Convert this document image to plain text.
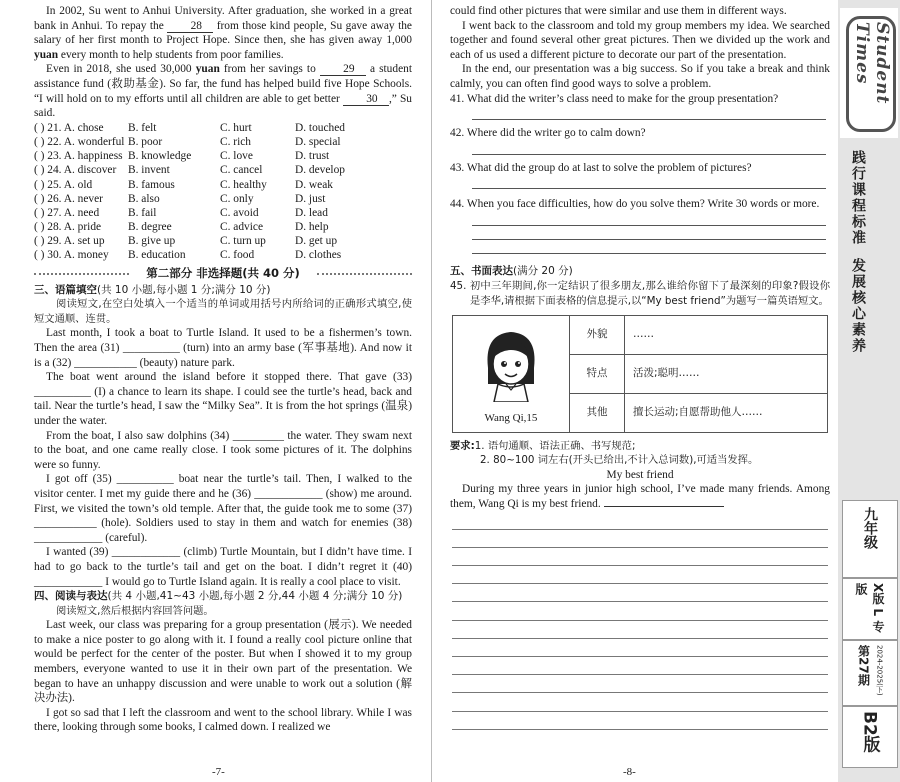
In 2002, Su went to Anhui University. After graduation, she worked in a great bank in Anhui. To repay the 28 from those kind people, Su gave away the salary of her first month to Project Hope. Since then, she has given away 1,000 yuan every month to help students from poor families.

Even in 2018, she used 30,000 yuan from her savings to 29 a student assistance fund (救助基金). So far, the fund has helped build five Hope Schools. “I will hold on to my efforts until all children are able to get better 30 ,” Su said.

( ) 21. A. chose	B. felt	C. hurt	D. touched
( ) 22. A. wonderful B. poor	C. rich	D. special
( ) 23. A. happiness B. knowledge	C. love	D. trust
( ) 24. A. discover	B. invent	C. cancel	D. develop
( ) 25. A. old	B. famous	C. healthy	D. weak
( ) 26. A. never	B. also	C. only	D. just
( ) 27. A. need	B. fail	C. avoid	D. lead
( ) 28. A. pride	B. degree	C. advice	D. help
( ) 29. A. set up	B. give up	C. turn up	D. get up
( ) 30. A. money	B. education	C. food	D. clothes
第二部分 非选择题(共 40 分)
三、语篇填空(共 10 小题,每小题 1 分;满分 10 分)

阅读短文,在空白处填入一个适当的单词或用括号内所给词的正确形式填空,使短文通顺、连贯。

Last month, I took a boat to Turtle Island. It used to be a fishermen’s town. Then the area (31) __________ (turn) into an army base (军事基地). And now it is a (32) ___________ (beauty) nature park.

The boat went around the island before it stopped there. That gave (33) __________ (I) a chance to learn its shape. I could see the turtle’s head, back and tail. Near the turtle’s head, I saw the “Milky Sea”. It is from the hot springs (温泉) under the water.

From the boat, I also saw dolphins (34) _________ the water. They swam next to the boat, and one came really close. I took some pictures of it. The dolphins were so funny.

I got off (35) __________ boat near the turtle’s tail. Then, I walked to the visitor center. I met my guide there and he (36) ____________ (show) me around. First, we visited the town’s old temple. After that, the guide took me to some (37) ___________ (hole). Soldiers used to stay in them and watch for enemies (38) ____________ (careful).

I wanted (39) ____________ (climb) Turtle Mountain, but I didn’t have time. I had to go back to the turtle’s tail and get on the boat. I didn’t regret it (40) ____________ I would go to Turtle Island again. It is really a cool place to visit.

四、阅读与表达(共 4 小题,41~43 小题,每小题 2 分,44 小题 4 分;满分 10 分)

阅读短文,然后根据内容回答问题。

Last week, our class was preparing for a group presentation (展示). We needed to make a nice poster to go along with it. I found a really cool picture online that would be perfect for the center of the poster. But when I showed it to my group members, everyone wanted to use it in their own part of the presentation. We began to have an unhappy discussion and were unable to work out a solution (解决办法).

I got so sad that I left the classroom and went to the school library. While I was there, looking through some books, I calmed down. I realized we

-7-

could find other pictures that were similar and use them in different ways.

I went back to the classroom and told my group members my idea. We searched together and found several other great pictures. Then we divided up the work and each of us used a different picture to decorate our part of the presentation.

In the end, our presentation was a big success. So if you take a break and think calmly, you can often find good ways to solve a problem.

41. What did the writer’s class need to make for the group presentation?

42. Where did the writer go to calm down?

43. What did the group do at last to solve the problem of pictures?

44. When you face difficulties, how do you solve them? Write 30 words or more.

五、书面表达(满分 20 分)

45. 初中三年期间,你一定结识了很多朋友,那么谁给你留下了最深刻的印象?假设你是李华,请根据下面表格的信息提示,以“My best friend”为题写一篇英语短文。

Wang Qi,15	外貌	……
	特点	活泼;聪明……
	其他	擅长运动;自愿帮助他人……
要求:1. 语句通顺、语法正确、书写规范;
2. 80~100 词左右(开头已给出,不计入总词数),可适当发挥。
My best friend

During my three years in junior high school, I’ve made many friends. Among them, Wang Qi is my best friend.

-8-
Student Times
践行课程标准
发展核心素养
九年级
X版 L 专版
第27期 2024-2025(下)
B2版
